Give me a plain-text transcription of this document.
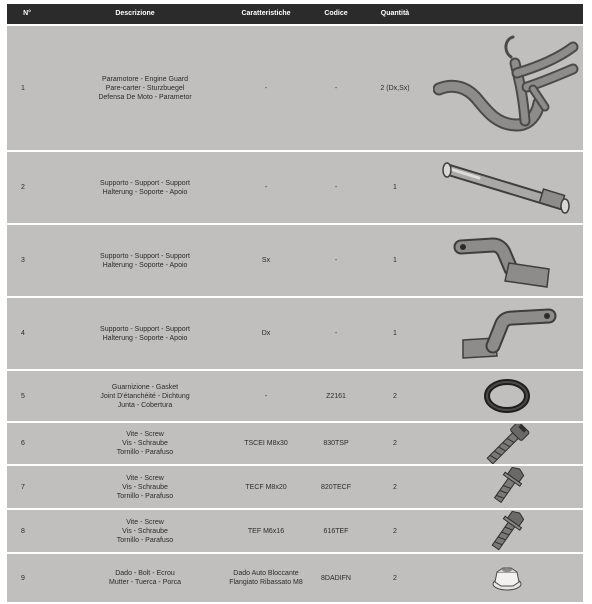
N°	Descrizione	Caratteristiche	Codice	Quantità
1
Paramotore - Engine Guard
Pare-carter - Sturzbuegel
Defensa De Moto - Parametor
-	-	2 (Dx,Sx)
2
Supporto - Support - Support
Halterung - Soporte - Apoio
-	-	1
3
Supporto - Support - Support
Halterung - Soporte - Apoio
Sx	-	1
4
Supporto - Support - Support
Halterung - Soporte - Apoio
Dx	-	1
5
Guarnizione - Gasket
Joint D'étanchéité - Dichtung
Junta - Cobertura
-	Z2161	2
6
Vite - Screw
Vis - Schraube
Tornillo - Parafuso
TSCEI M8x30	830TSP	2
7
Vite - Screw
Vis - Schraube
Tornillo - Parafuso
TECF M8x20	820TECF	2
8
Vite - Screw
Vis - Schraube
Tornillo - Parafuso
TEF M6x16	616TEF	2
9
Dado - Bolt - Ecrou
Mutter - Tuerca - Porca
Dado Auto Bloccante
Flangiato Ribassato M8
8DADIFN	2
